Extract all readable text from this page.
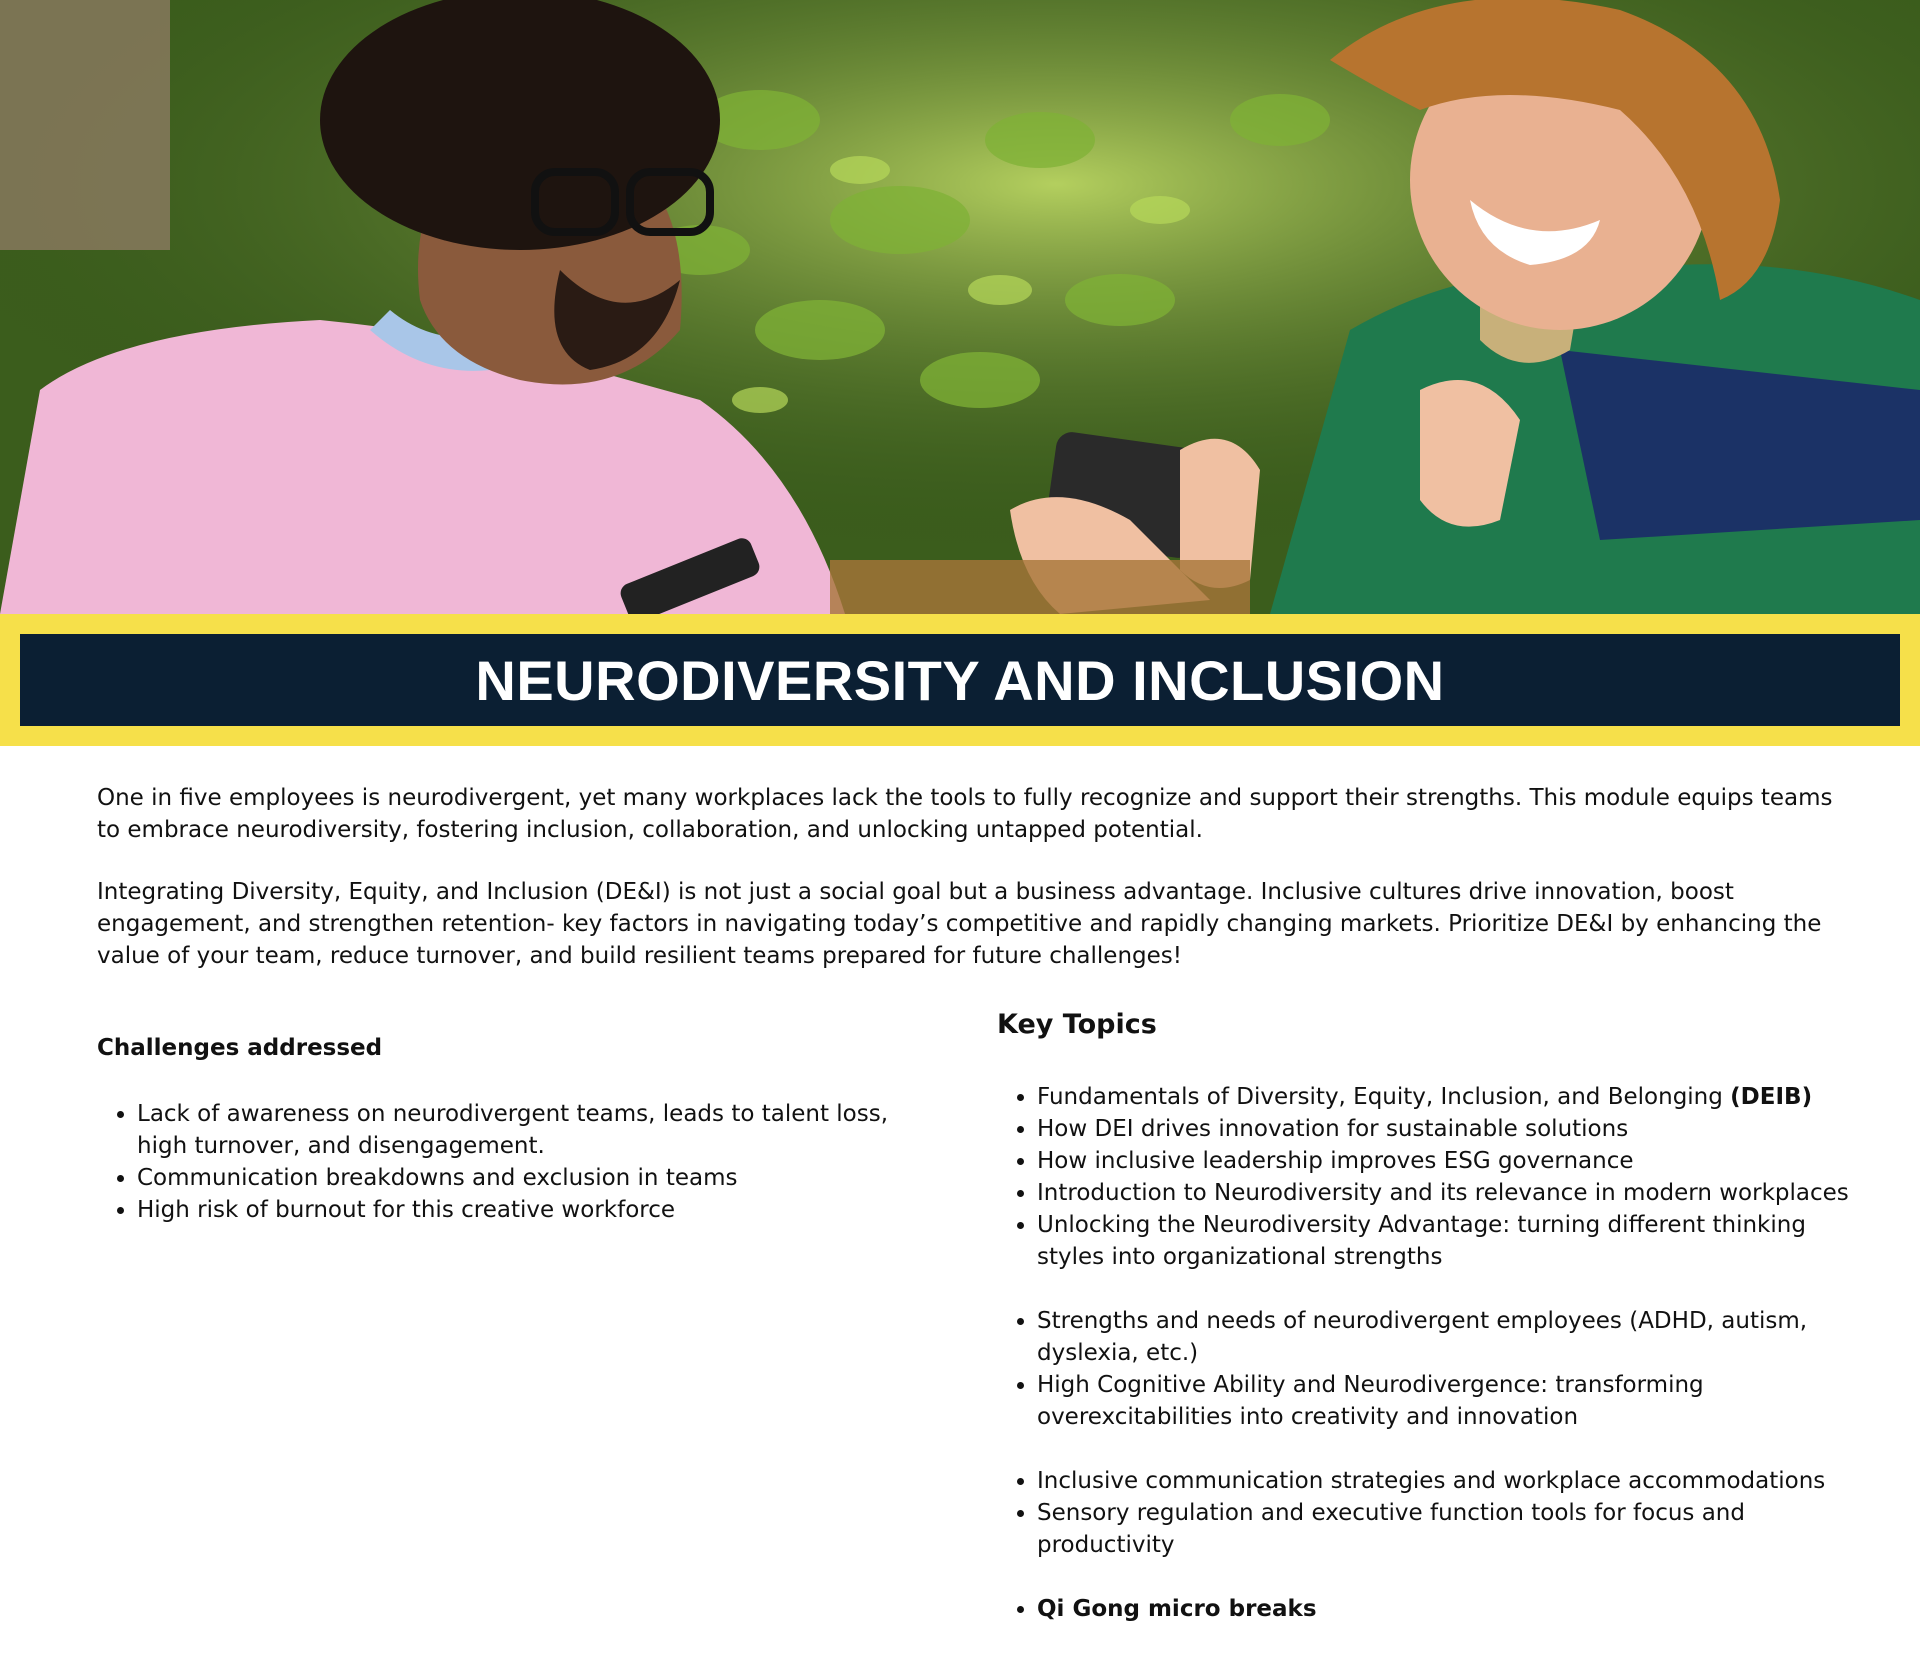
NEURODIVERSITY AND INCLUSION

One in five employees is neurodivergent, yet many workplaces lack the tools to fully recognize and support their strengths. This module equips teams to embrace neurodiversity, fostering inclusion, collaboration, and unlocking untapped potential.

Integrating Diversity, Equity, and Inclusion (DE&I) is not just a social goal but a business advantage. Inclusive cultures drive innovation, boost engagement, and strengthen retention- key factors in navigating today’s competitive and rapidly changing markets. Prioritize DE&I by enhancing the value of your team, reduce turnover, and build resilient teams prepared for future challenges!

Challenges addressed
• Lack of awareness on neurodivergent teams, leads to talent loss, high turnover, and disengagement.
• Communication breakdowns and exclusion in teams
• High risk of burnout for this creative workforce
Key Topics
• Fundamentals of Diversity, Equity, Inclusion, and Belonging (DEIB)
• How DEI drives innovation for sustainable solutions
• How inclusive leadership improves ESG governance
• Introduction to Neurodiversity and its relevance in modern workplaces
• Unlocking the Neurodiversity Advantage: turning different thinking styles into organizational strengths
• Strengths and needs of neurodivergent employees (ADHD, autism, dyslexia, etc.)
• High Cognitive Ability and Neurodivergence: transforming overexcitabilities into creativity and innovation
• Inclusive communication strategies and workplace accommodations
• Sensory regulation and executive function tools for focus and productivity
• Qi Gong micro breaks
